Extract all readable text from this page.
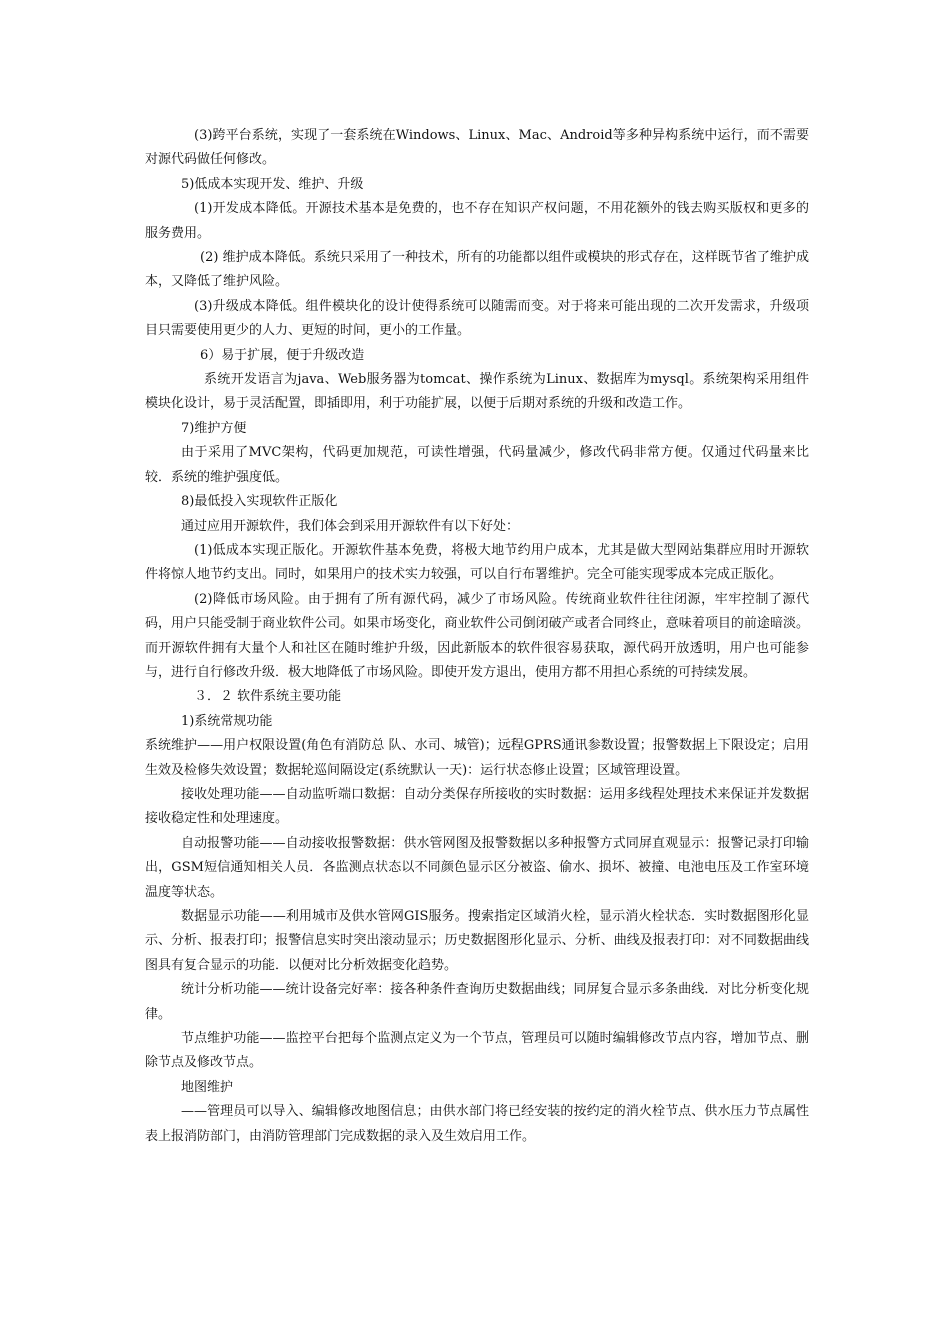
(3)跨平台系统，实现了一套系统在Windows、Linux、Mac、Android等多种异构系统中运行，而不需要对源代码做任何修改。

5)低成本实现开发、维护、升级

(1)开发成本降低。开源技术基本是免费的，也不存在知识产权问题，不用花额外的钱去购买版权和更多的服务费用。

(2) 维护成本降低。系统只采用了一种技术，所有的功能都以组件或模块的形式存在，这样既节省了维护成本，又降低了维护风险。

(3)升级成本降低。组件模块化的设计使得系统可以随需而变。对于将来可能出现的二次开发需求，升级项目只需要使用更少的人力、更短的时间，更小的工作量。

6）易于扩展，便于升级改造

系统开发语言为java、Web服务器为tomcat、操作系统为Linux、数据库为mysql。系统架构采用组件模块化设计，易于灵活配置，即插即用，利于功能扩展，以便于后期对系统的升级和改造工作。

7)维护方便

由于采用了MVC架构，代码更加规范，可读性增强，代码量减少，修改代码非常方便。仅通过代码量来比较．系统的维护强度低。

8)最低投入实现软件正版化

通过应用开源软件，我们体会到采用开源软件有以下好处：

(1)低成本实现正版化。开源软件基本免费，将极大地节约用户成本，尤其是做大型网站集群应用时开源软件将惊人地节约支出。同时，如果用户的技术实力较强，可以自行布署维护。完全可能实现零成本完成正版化。

(2)降低市场风险。由于拥有了所有源代码，减少了市场风险。传统商业软件往往闭源，牢牢控制了源代码，用户只能受制于商业软件公司。如果市场变化，商业软件公司倒闭破产或者合同终止，意味着项目的前途暗淡。而开源软件拥有大量个人和社区在随时维护升级，因此新版本的软件很容易获取，源代码开放透明，用户也可能参与，进行自行修改升级．极大地降低了市场风险。即使开发方退出，使用方都不用担心系统的可持续发展。

３．２ 软件系统主要功能

1)系统常规功能

系统维护——用户权限设置(角色有消防总 队、水司、城管)；远程GPRS通讯参数设置；报警数据上下限设定；启用生效及检修失效设置；数据轮巡间隔设定(系统默认一天)：运行状态修止设置；区域管理设置。

接收处理功能——自动监听端口数据：自动分类保存所接收的实时数据：运用多线程处理技术来保证并发数据接收稳定性和处理速度。

自动报警功能——自动接收报警数据：供水管网图及报警数据以多种报警方式同屏直观显示：报警记录打印输出，GSM短信通知相关人员．各监测点状态以不同颜色显示区分被盗、偷水、损坏、被撞、电池电压及工作室环境温度等状态。

数据显示功能——利用城市及供水管网GIS服务。搜索指定区域消火栓，显示消火栓状态．实时数据图形化显示、分析、报表打印；报警信息实时突出滚动显示；历史数据图形化显示、分析、曲线及报表打印：对不同数据曲线图具有复合显示的功能．以便对比分析效据变化趋势。

统计分析功能——统计设备完好率：接各种条件查询历史数据曲线；同屏复合显示多条曲线．对比分析变化规律。

节点维护功能——监控平台把每个监测点定义为一个节点，管理员可以随时编辑修改节点内容，增加节点、删除节点及修改节点。

地图维护

——管理员可以导入、编辑修改地图信息；由供水部门将已经安装的按约定的消火栓节点、供水压力节点属性表上报消防部门，由消防管理部门完成数据的录入及生效启用工作。
